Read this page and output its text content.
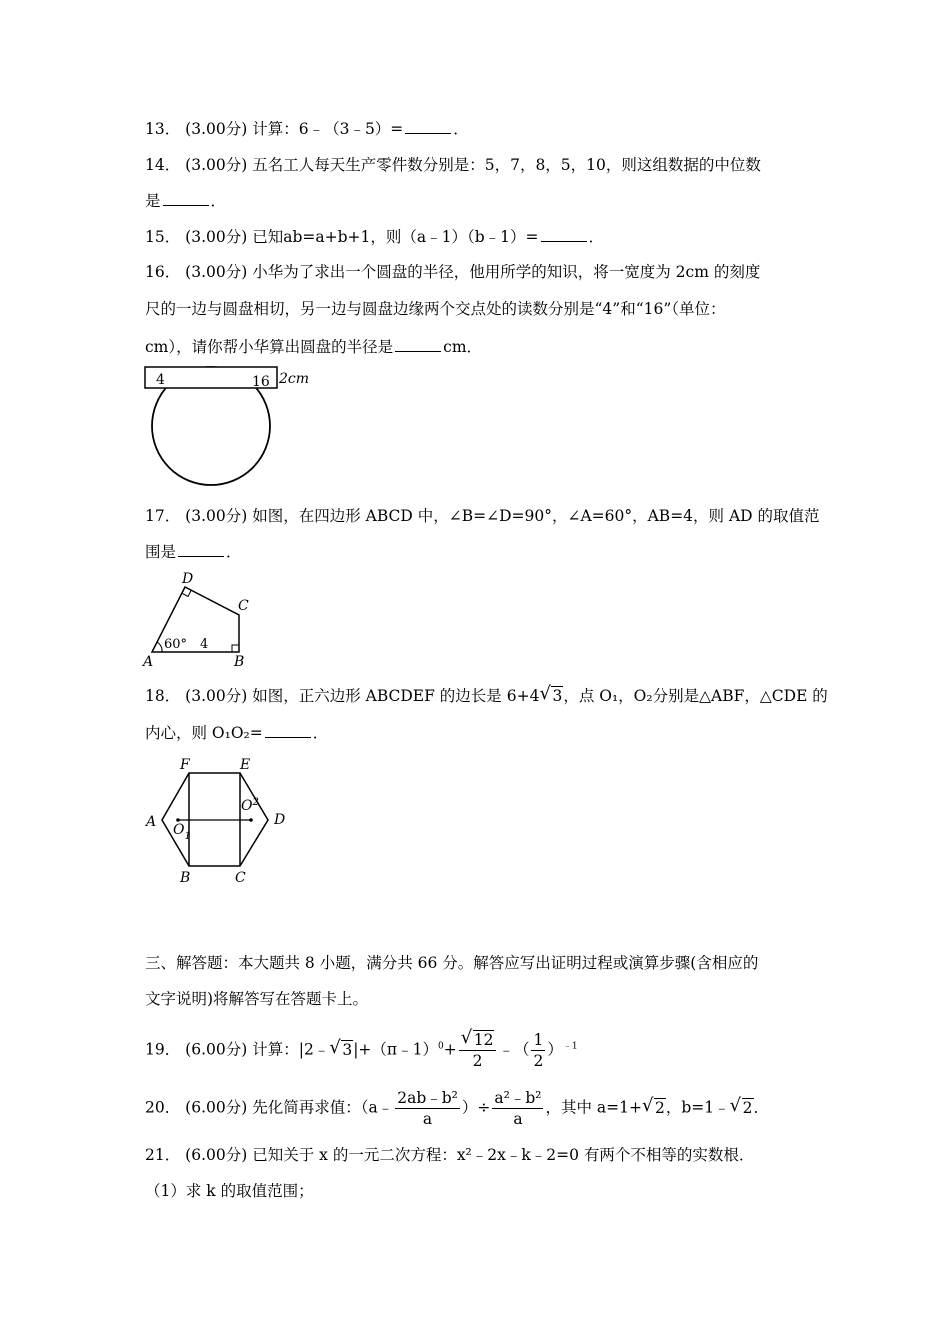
13． (3.00分) 计算：6﹣（3﹣5）=	．
14． (3.00分) 五名工人每天生产零件数分别是：5，7，8，5，10，则这组数据的中位数
是	．
15． (3.00分) 已知ab=a+b+1，则（a﹣1）（b﹣1）=	．
16． (3.00分) 小华为了求出一个圆盘的半径，他用所学的知识，将一宽度为 2cm 的刻度
尺的一边与圆盘相切，另一边与圆盘边缘两个交点处的读数分别是“4”和“16”（单位：
cm），请你帮小华算出圆盘的半径是	cm．
4	16 2cm
17． (3.00分) 如图，在四边形 ABCD 中，∠B=∠D=90°，∠A=60°，AB=4，则 AD 的取值范
围是	．
D
C
A	B
60° 4
18． (3.00分) 如图，正六边形 ABCDEF 的边长是 6+4 √ 3，点 O₁，O₂分别是△ABF，△CDE 的
内心，则 O₁O₂=	．
F	E
A	D
B	C
$O_1$
$O^2$
三、解答题：本大题共 8 小题，满分共 66 分。解答应写出证明过程或演算步骤(含相应的
文字说明)将解答写在答题卡上。
19． (6.00分) 计算：|2﹣ √ 3|+（π﹣1）$^0$+ √ $\frac{12}{2}$ ﹣（ $\frac{1}{2} )^{﹣1}$
20． (6.00分) 先化简再求值：（a﹣ $\frac{\text{2ab﹣b²}}{a}$ ）÷ $\frac{\text{a²﹣b²}}{a}$ ，其中 a=1+ √ 2，b=1﹣ √ 2．
21． (6.00分) 已知关于 x 的一元二次方程：x²﹣2x﹣k﹣2=0 有两个不相等的实数根．
（1）求 k 的取值范围；
